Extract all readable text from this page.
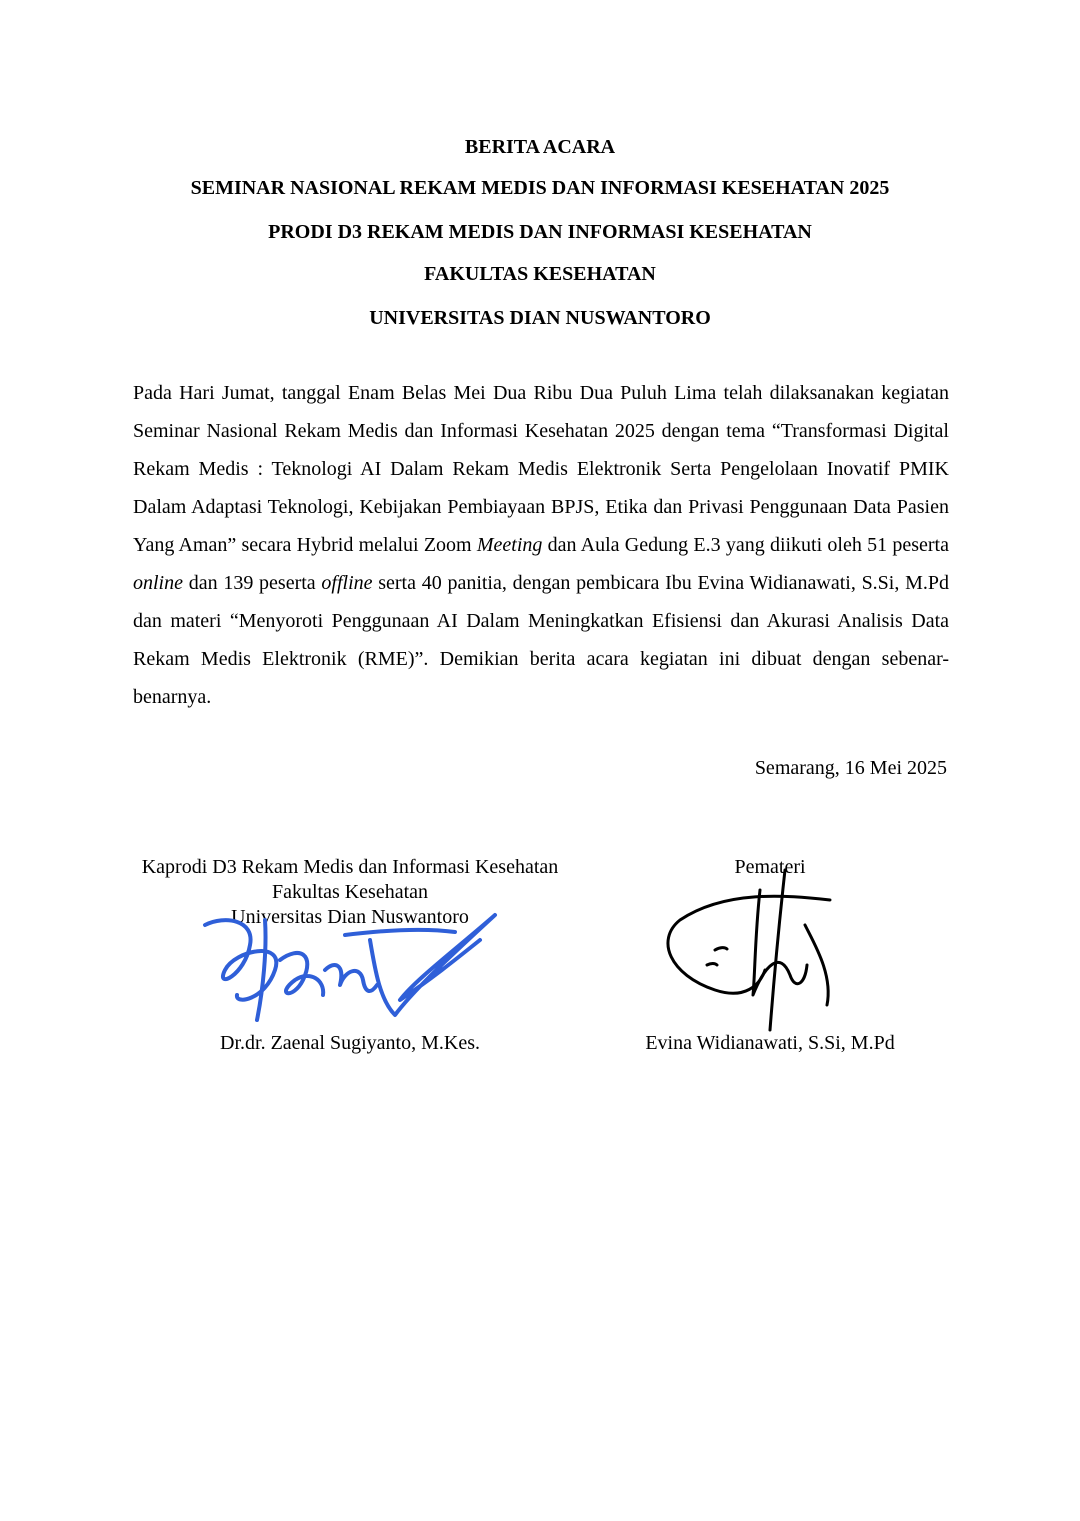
BERITA ACARA
SEMINAR NASIONAL REKAM MEDIS DAN INFORMASI KESEHATAN 2025
PRODI D3 REKAM MEDIS DAN INFORMASI KESEHATAN
FAKULTAS KESEHATAN
UNIVERSITAS DIAN NUSWANTORO

Pada Hari Jumat, tanggal Enam Belas Mei Dua Ribu Dua Puluh Lima telah dilaksanakan kegiatan Seminar Nasional Rekam Medis dan Informasi Kesehatan 2025 dengan tema “Transformasi Digital Rekam Medis : Teknologi AI Dalam Rekam Medis Elektronik Serta Pengelolaan Inovatif PMIK Dalam Adaptasi Teknologi, Kebijakan Pembiayaan BPJS, Etika dan Privasi Penggunaan Data Pasien Yang Aman” secara Hybrid melalui Zoom Meeting dan Aula Gedung E.3 yang diikuti oleh 51 peserta online dan 139 peserta offline serta 40 panitia, dengan pembicara Ibu Evina Widianawati, S.Si, M.Pd dan materi “Menyoroti Penggunaan AI Dalam Meningkatkan Efisiensi dan Akurasi Analisis Data Rekam Medis Elektronik (RME)”. Demikian berita acara kegiatan ini dibuat dengan sebenar- benarnya.

Semarang, 16 Mei 2025
Kaprodi D3 Rekam Medis dan Informasi Kesehatan
Fakultas Kesehatan
Universitas Dian Nuswantoro
Pemateri
Dr.dr. Zaenal Sugiyanto, M.Kes.	Evina Widianawati, S.Si, M.Pd
